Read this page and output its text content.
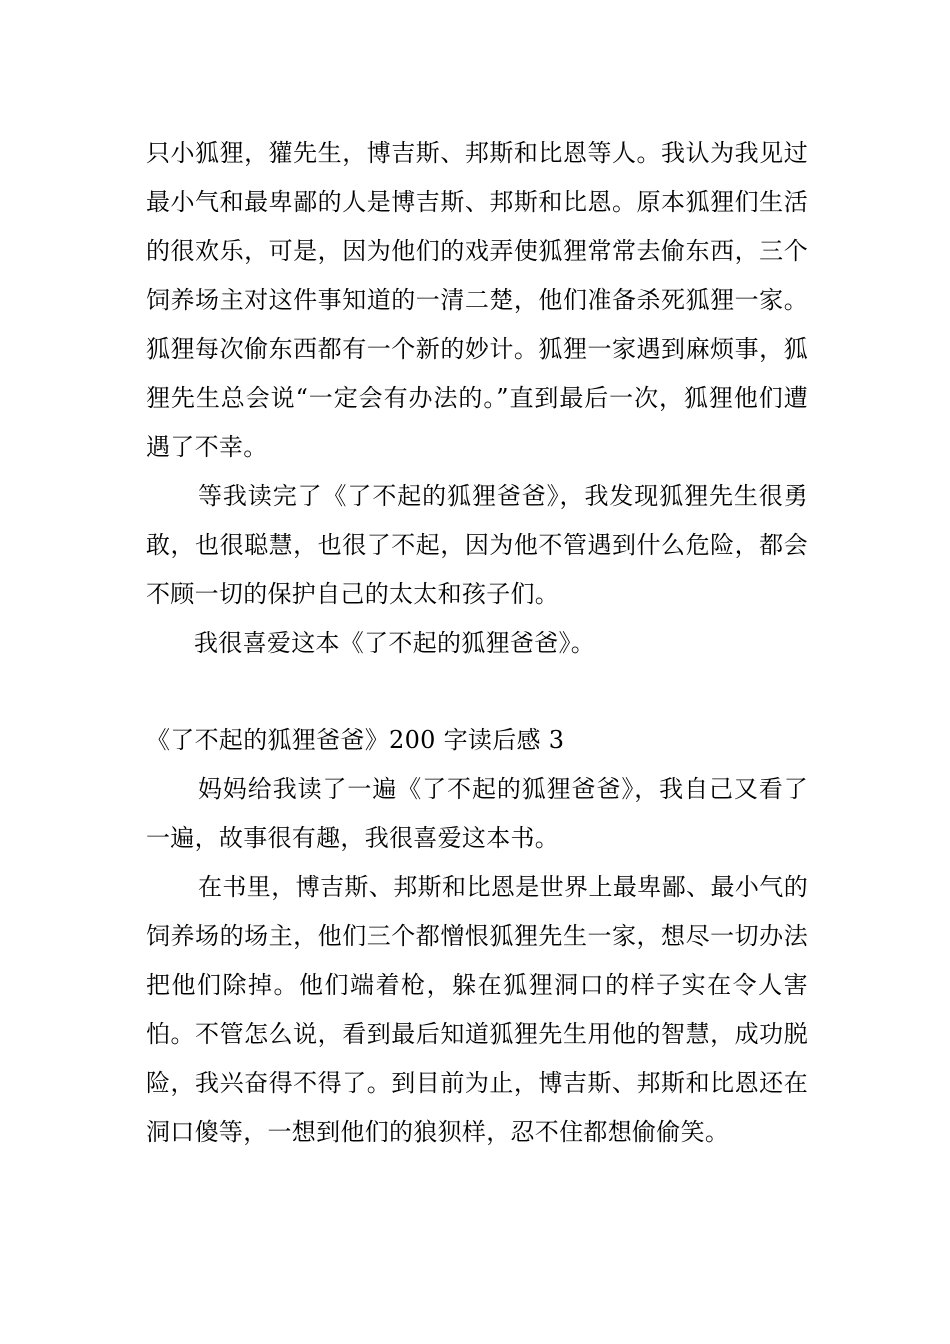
只小狐狸，獾先生，博吉斯、邦斯和比恩等人。我认为我见过最小气和最卑鄙的人是博吉斯、邦斯和比恩。原本狐狸们生活的很欢乐，可是，因为他们的戏弄使狐狸常常去偷东西，三个饲养场主对这件事知道的一清二楚，他们准备杀死狐狸一家。狐狸每次偷东西都有一个新的妙计。狐狸一家遇到麻烦事，狐狸先生总会说“一定会有办法的。”直到最后一次，狐狸他们遭遇了不幸。

等我读完了《了不起的狐狸爸爸》，我发现狐狸先生很勇敢，也很聪慧，也很了不起，因为他不管遇到什么危险，都会不顾一切的保护自己的太太和孩子们。

我很喜爱这本《了不起的狐狸爸爸》。

《了不起的狐狸爸爸》200 字读后感 3

妈妈给我读了一遍《了不起的狐狸爸爸》，我自己又看了一遍，故事很有趣，我很喜爱这本书。

在书里，博吉斯、邦斯和比恩是世界上最卑鄙、最小气的饲养场的场主，他们三个都憎恨狐狸先生一家，想尽一切办法把他们除掉。他们端着枪，躲在狐狸洞口的样子实在令人害怕。不管怎么说，看到最后知道狐狸先生用他的智慧，成功脱险，我兴奋得不得了。到目前为止，博吉斯、邦斯和比恩还在洞口傻等，一想到他们的狼狈样，忍不住都想偷偷笑。
